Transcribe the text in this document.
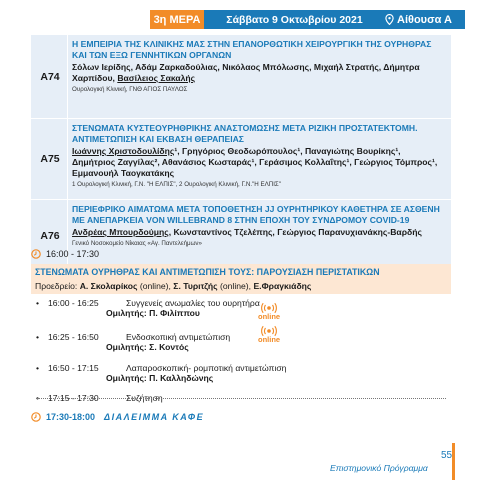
3η ΜΕΡΑ	Σάββατο 9 Οκτωβρίου 2021	Αίθουσα Α
Α74
Η ΕΜΠΕΙΡΙΑ ΤΗΣ ΚΛΙΝΙΚΗΣ ΜΑΣ ΣΤΗΝ ΕΠΑΝΟΡΘΩΤΙΚΗ ΧΕΙΡΟΥΡΓΙΚΗ ΤΗΣ ΟΥΡΗΘΡΑΣ ΚΑΙ ΤΩΝ ΕΞΩ ΓΕΝΝΗΤΙΚΩΝ ΟΡΓΑΝΩΝ
Σόλων Ιερίδης, Αδάμ Ζαρκαδούλιας, Νικόλαος Μπόλωσης, Μιχαήλ Στρατής, Δήμητρα Χαρπίδου, Βασίλειος Σακαλής
Ουρολογική Κλινική, ΓΝΘ ΑΓΙΟΣ ΠΑΥΛΟΣ
Α75
ΣΤΕΝΩΜΑΤΑ ΚΥΣΤΕΟΥΡΗΘΡΙΚΗΣ ΑΝΑΣΤΟΜΩΣΗΣ ΜΕΤΑ ΡΙΖΙΚΗ ΠΡΟΣΤΑΤΕΚΤΟΜΗ. ΑΝΤΙΜΕΤΩΠΙΣΗ ΚΑΙ ΕΚΒΑΣΗ ΘΕΡΑΠΕΙΑΣ
Ιωάννης Χριστοδουλίδης¹, Γρηγόριος Θεοδωρόπουλος¹, Παναγιώτης Βουρίκης¹, Δημήτριος Ζαγγίλας², Αθανάσιος Κωσταράς¹, Γεράσιμος Κολλαΐτης¹, Γεώργιος Τόμπρος¹, Εμμανουήλ Ταογκατάκης
1 Ουρολογική Κλινική, Γ.Ν. "Η ΕΛΠΙΣ", 2 Ουρολογική Κλινική, Γ.Ν."Η ΕΛΠΙΣ"
Α76
ΠΕΡΙΕΦΡΙΚΟ ΑΙΜΑΤΩΜΑ ΜΕΤΑ ΤΟΠΟΘΕΤΗΣΗ JJ ΟΥΡΗΤΗΡΙΚΟΥ ΚΑΘΕΤΗΡΑ ΣΕ ΑΣΘΕΝΗ ΜΕ ΑΝΕΠΑΡΚΕΙΑ VON WILLEBRAND 8 ΣΤΗΝ ΕΠΟΧΗ ΤΟΥ ΣΥΝΔΡΟΜΟΥ COVID-19
Ανδρέας Μπουρδούμης, Κωνσταντίνος Τζελέπης, Γεώργιος Παρανυχιανάκης-Βαρδής
Γενικό Νοσοκομείο Νίκαιας «Αγ. Παντελεήμων»
16:00 - 17:30
ΣΤΕΝΩΜΑΤΑ ΟΥΡΗΘΡΑΣ ΚΑΙ ΑΝΤΙΜΕΤΩΠΙΣΗ ΤΟΥΣ: ΠΑΡΟΥΣΙΑΣΗ ΠΕΡΙΣΤΑΤΙΚΩΝ
Προεδρείο: Α. Σκολαρίκος (online), Σ. Τυριτζής (online), Ε.Φραγκιάδης
•	16:00 - 16:25	Συγγενείς ανωμαλίες του ουρητήρα
Ομιλητής: Π. Φιλίππου
•	16:25 - 16:50	Ενδοσκοπική αντιμετώπιση
Ομιλητής: Σ. Κοντός
•	16:50 - 17:15	Λαπαροσκοπική- ρομποτική αντιμετώπιση
Ομιλητής: Π. Καλληδώνης
•	17:15 - 17:30	Συζήτηση
online
online
17:30-18:00 ΔΙΑΛΕΙΜΜΑ ΚΑΦΕ
55
Επιστημονικό Πρόγραμμα
